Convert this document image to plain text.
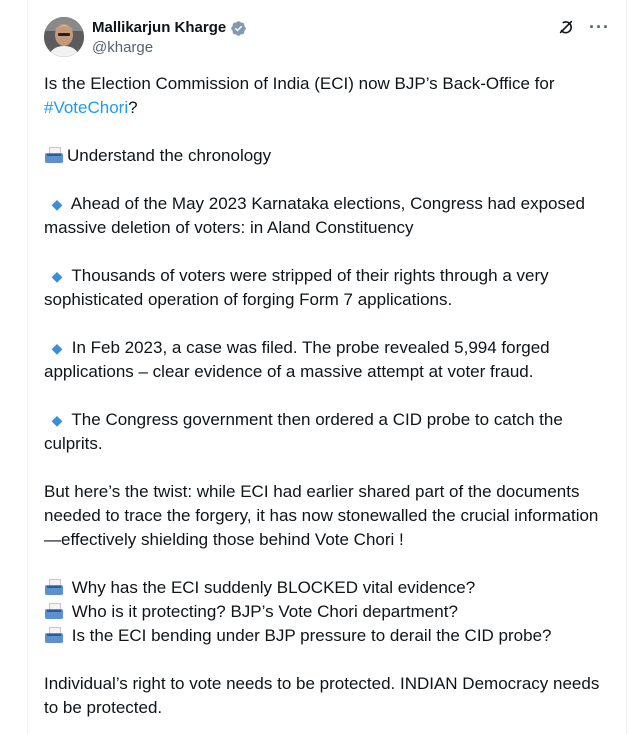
Mallikarjun Kharge
@kharge
···

Is the Election Commission of India (ECI) now BJP’s Back-Office for #VoteChori?

Understand the chronology

◆ Ahead of the May 2023 Karnataka elections, Congress had exposed massive deletion of voters: in Aland Constituency

◆ Thousands of voters were stripped of their rights through a very sophisticated operation of forging Form 7 applications.

◆ In Feb 2023, a case was filed. The probe revealed 5,994 forged applications – clear evidence of a massive attempt at voter fraud.

◆ The Congress government then ordered a CID probe to catch the culprits.

But here’s the twist: while ECI had earlier shared part of the documents needed to trace the forgery, it has now stonewalled the crucial information—effectively shielding those behind Vote Chori !

Why has the ECI suddenly BLOCKED vital evidence?

Who is it protecting? BJP’s Vote Chori department?

Is the ECI bending under BJP pressure to derail the CID probe?

Individual’s right to vote needs to be protected. INDIAN Democracy needs to be protected.
